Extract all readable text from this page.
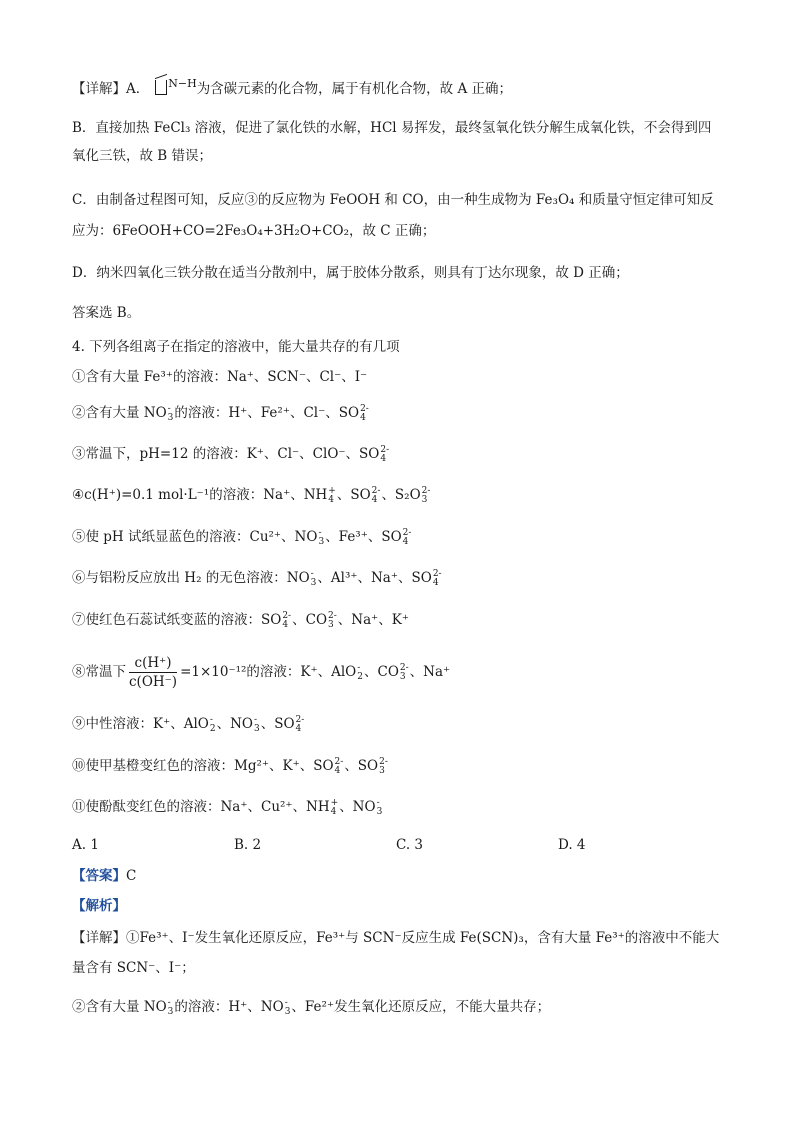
【详解】A． $^{N-H}$为含碳元素的化合物，属于有机化合物，故 A 正确；
B．直接加热 FeCl₃ 溶液，促进了氯化铁的水解，HCl 易挥发，最终氢氧化铁分解生成氧化铁，不会得到四
氧化三铁，故 B 错误；
C．由制备过程图可知，反应③的反应物为 FeOOH 和 CO，由一种生成物为 Fe₃O₄ 和质量守恒定律可知反
应为：6FeOOH+CO=2Fe₃O₄+3H₂O+CO₂，故 C 正确；
D．纳米四氧化三铁分散在适当分散剂中，属于胶体分散系，则具有丁达尔现象，故 D 正确；
答案选 B。
4. 下列各组离子在指定的溶液中，能大量共存的有几项
①含有大量 Fe³⁺的溶液：Na⁺、SCN⁻、Cl⁻、I⁻
②含有大量 NO -
3 的溶液：H⁺、Fe²⁺、Cl⁻、SO 2-
4
③常温下，pH=12 的溶液：K⁺、Cl⁻、ClO⁻、SO 2-
4
④c(H⁺)=0.1 mol·L⁻¹的溶液：Na⁺、NH +
4 、SO 2-
4 、S₂O 2-
3
⑤使 pH 试纸显蓝色的溶液：Cu²⁺、NO -
3 、Fe³⁺、SO 2-
4
⑥与铝粉反应放出 H₂ 的无色溶液：NO -
3 、Al³⁺、Na⁺、SO 2-
4
⑦使红色石蕊试纸变蓝的溶液：SO 2-
4 、CO 2-
3 、Na⁺、K⁺
⑧常温下 $\frac{c(H^+)}{c(OH^-)} =1\times 10^{-12}$的溶液：K⁺、AlO -
2 、CO 2-
3 、Na⁺
⑨中性溶液：K⁺、AlO -
2 、NO -
3 、SO 2-
4
⑩使甲基橙变红色的溶液：Mg²⁺、K⁺、SO 2-
4 、SO 2-
3
⑪使酚酞变红色的溶液：Na⁺、Cu²⁺、NH +
4 、NO -
3
A. 1	B. 2	C. 3	D. 4
【答案】C
【解析】
【详解】①Fe³⁺、I⁻发生氧化还原反应，Fe³⁺与 SCN⁻反应生成 Fe(SCN)₃，含有大量 Fe³⁺的溶液中不能大
量含有 SCN⁻、I⁻；
②含有大量 NO -
3 的溶液：H⁺、NO -
3 、Fe²⁺发生氧化还原反应，不能大量共存；
